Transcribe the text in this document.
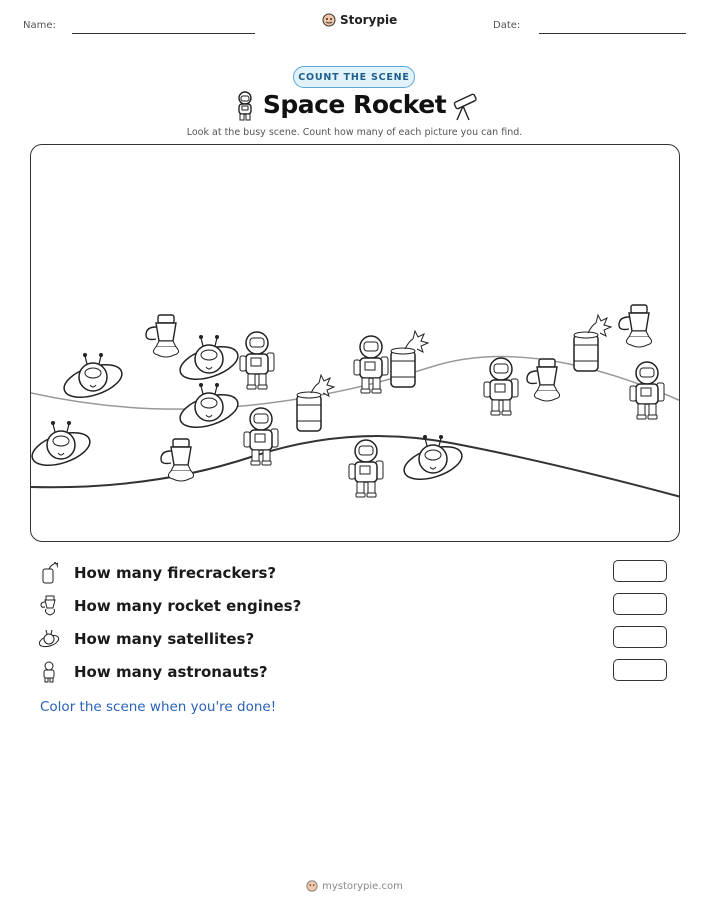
Name:	Date:
Storypie
COUNT THE SCENE
Space Rocket
Look at the busy scene. Count how many of each picture you can find.
How many firecrackers?
How many rocket engines?
How many satellites?
How many astronauts?
Color the scene when you're done!
mystorypie.com
